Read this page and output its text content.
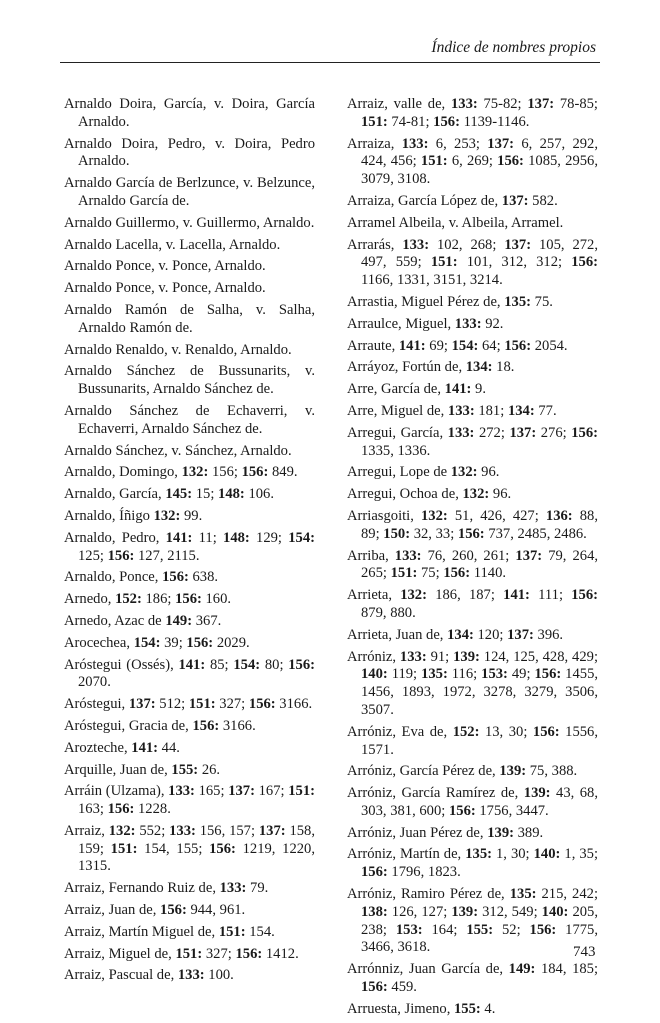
Índice de nombres propios
Arnaldo Doira, García, v. Doira, García Arnaldo.
Arnaldo Doira, Pedro, v. Doira, Pedro Arnaldo.
Arnaldo García de Berlzunce, v. Belzunce, Arnaldo García de.
Arnaldo Guillermo, v. Guillermo, Arnaldo.
Arnaldo Lacella, v. Lacella, Arnaldo.
Arnaldo Ponce, v. Ponce, Arnaldo.
Arnaldo Ponce, v. Ponce, Arnaldo.
Arnaldo Ramón de Salha, v. Salha, Arnaldo Ramón de.
Arnaldo Renaldo, v. Renaldo, Arnaldo.
Arnaldo Sánchez de Bussunarits, v. Bussunarits, Arnaldo Sánchez de.
Arnaldo Sánchez de Echaverri, v. Echaverri, Arnaldo Sánchez de.
Arnaldo Sánchez, v. Sánchez, Arnaldo.
Arnaldo, Domingo, 132: 156; 156: 849.
Arnaldo, García, 145: 15; 148: 106.
Arnaldo, Íñigo 132: 99.
Arnaldo, Pedro, 141: 11; 148: 129; 154: 125; 156: 127, 2115.
Arnaldo, Ponce, 156: 638.
Arnedo, 152: 186; 156: 160.
Arnedo, Azac de 149: 367.
Arocechea, 154: 39; 156: 2029.
Aróstegui (Ossés), 141: 85; 154: 80; 156: 2070.
Aróstegui, 137: 512; 151: 327; 156: 3166.
Aróstegui, Gracia de, 156: 3166.
Arozteche, 141: 44.
Arquille, Juan de, 155: 26.
Arráin (Ulzama), 133: 165; 137: 167; 151: 163; 156: 1228.
Arraiz, 132: 552; 133: 156, 157; 137: 158, 159; 151: 154, 155; 156: 1219, 1220, 1315.
Arraiz, Fernando Ruiz de, 133: 79.
Arraiz, Juan de, 156: 944, 961.
Arraiz, Martín Miguel de, 151: 154.
Arraiz, Miguel de, 151: 327; 156: 1412.
Arraiz, Pascual de, 133: 100.
Arraiz, valle de, 133: 75-82; 137: 78-85; 151: 74-81; 156: 1139-1146.
Arraiza, 133: 6, 253; 137: 6, 257, 292, 424, 456; 151: 6, 269; 156: 1085, 2956, 3079, 3108.
Arraiza, García López de, 137: 582.
Arramel Albeila, v. Albeila, Arramel.
Arrarás, 133: 102, 268; 137: 105, 272, 497, 559; 151: 101, 312, 312; 156: 1166, 1331, 3151, 3214.
Arrastia, Miguel Pérez de, 135: 75.
Arraulce, Miguel, 133: 92.
Arraute, 141: 69; 154: 64; 156: 2054.
Arráyoz, Fortún de, 134: 18.
Arre, García de, 141: 9.
Arre, Miguel de, 133: 181; 134: 77.
Arregui, García, 133: 272; 137: 276; 156: 1335, 1336.
Arregui, Lope de 132: 96.
Arregui, Ochoa de, 132: 96.
Arriasgoiti, 132: 51, 426, 427; 136: 88, 89; 150: 32, 33; 156: 737, 2485, 2486.
Arriba, 133: 76, 260, 261; 137: 79, 264, 265; 151: 75; 156: 1140.
Arrieta, 132: 186, 187; 141: 111; 156: 879, 880.
Arrieta, Juan de, 134: 120; 137: 396.
Arróniz, 133: 91; 139: 124, 125, 428, 429; 140: 119; 135: 116; 153: 49; 156: 1455, 1456, 1893, 1972, 3278, 3279, 3506, 3507.
Arróniz, Eva de, 152: 13, 30; 156: 1556, 1571.
Arróniz, García Pérez de, 139: 75, 388.
Arróniz, García Ramírez de, 139: 43, 68, 303, 381, 600; 156: 1756, 3447.
Arróniz, Juan Pérez de, 139: 389.
Arróniz, Martín de, 135: 1, 30; 140: 1, 35; 156: 1796, 1823.
Arróniz, Ramiro Pérez de, 135: 215, 242; 138: 126, 127; 139: 312, 549; 140: 205, 238; 153: 164; 155: 52; 156: 1775, 3466, 3618.
Arrónniz, Juan García de, 149: 184, 185; 156: 459.
Arruesta, Jimeno, 155: 4.
743
